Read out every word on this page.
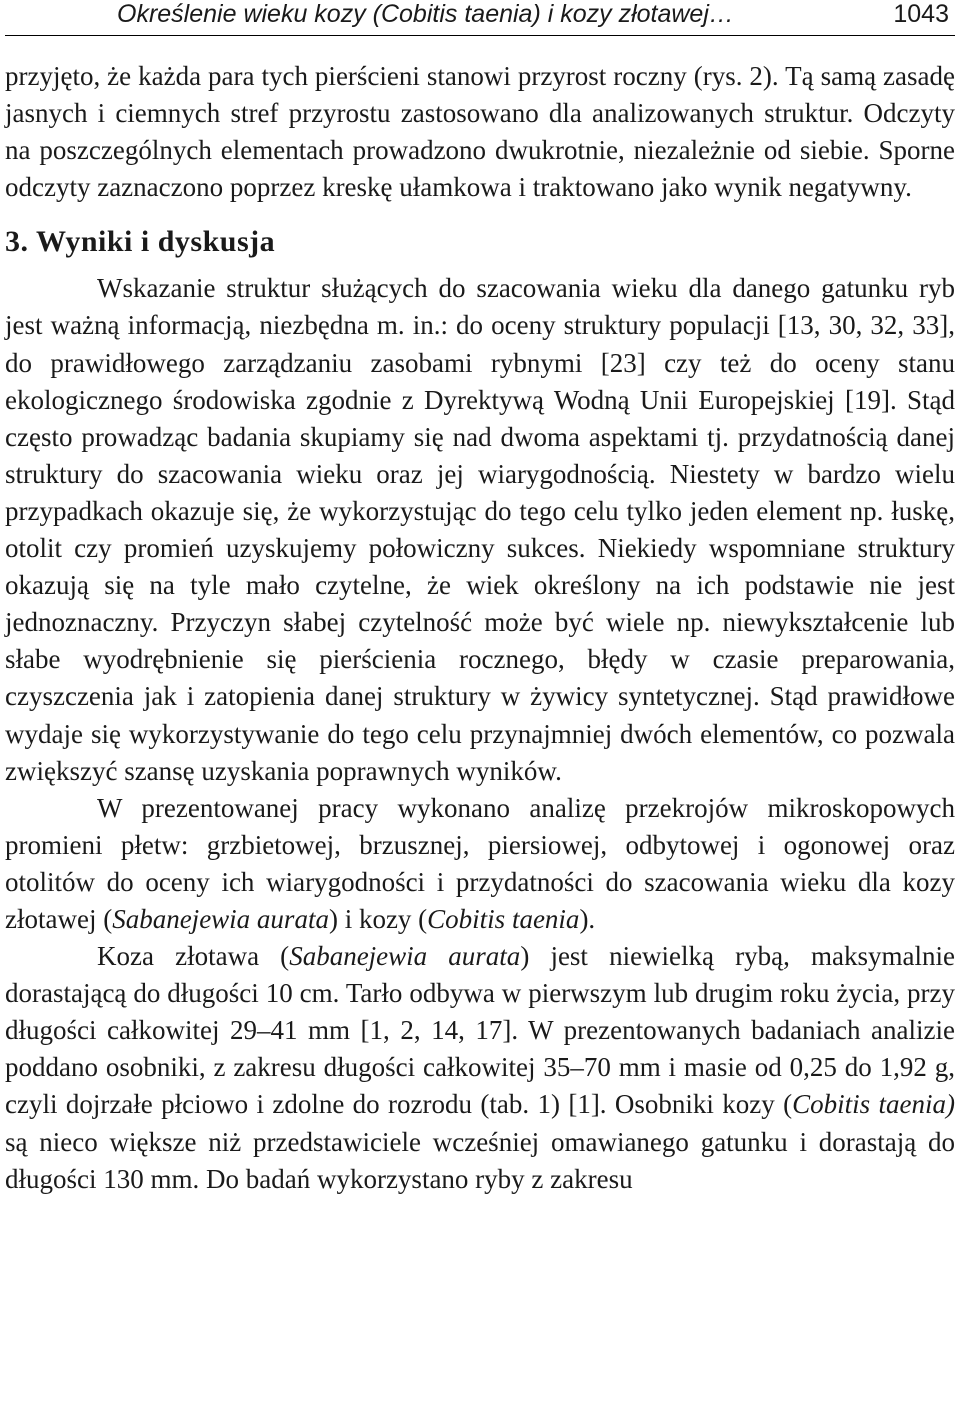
Określenie wieku kozy (Cobitis taenia) i kozy złotawej…	1043

przyjęto, że każda para tych pierścieni stanowi przyrost roczny (rys. 2). Tą samą zasadę jasnych i ciemnych stref przyrostu zastosowano dla analizowanych struktur. Odczyty na poszczególnych elementach prowadzono dwukrotnie, niezależnie od siebie. Sporne odczyty zaznaczono poprzez kreskę ułamkowa i traktowano jako wynik negatywny.

3. Wyniki i dyskusja

Wskazanie struktur służących do szacowania wieku dla danego gatunku ryb jest ważną informacją, niezbędna m. in.: do oceny struktury populacji [13, 30, 32, 33], do prawidłowego zarządzaniu zasobami rybnymi [23] czy też do oceny stanu ekologicznego środowiska zgodnie z Dyrektywą Wodną Unii Europejskiej [19]. Stąd często prowadząc badania skupiamy się nad dwoma aspektami tj. przydatnością danej struktury do szacowania wieku oraz jej wiarygodnością. Niestety w bardzo wielu przypadkach okazuje się, że wykorzystując do tego celu tylko jeden element np. łuskę, otolit czy promień uzyskujemy połowiczny sukces. Niekiedy wspomniane struktury okazują się na tyle mało czytelne, że wiek określony na ich podstawie nie jest jednoznaczny. Przyczyn słabej czytelność może być wiele np. niewykształcenie lub słabe wyodrębnienie się pierścienia rocznego, błędy w czasie preparowania, czyszczenia jak i zatopienia danej struktury w żywicy syntetycznej. Stąd prawidłowe wydaje się wykorzystywanie do tego celu przynajmniej dwóch elementów, co pozwala zwiększyć szansę uzyskania poprawnych wyników.

W prezentowanej pracy wykonano analizę przekrojów mikroskopowych promieni płetw: grzbietowej, brzusznej, piersiowej, odbytowej i ogonowej oraz otolitów do oceny ich wiarygodności i przydatności do szacowania wieku dla kozy złotawej (Sabanejewia aurata) i kozy (Cobitis taenia).

Koza złotawa (Sabanejewia aurata) jest niewielką rybą, maksymalnie dorastającą do długości 10 cm. Tarło odbywa w pierwszym lub drugim roku życia, przy długości całkowitej 29–41 mm [1, 2, 14, 17]. W prezentowanych badaniach analizie poddano osobniki, z zakresu długości całkowitej 35–70 mm i masie od 0,25 do 1,92 g, czyli dojrzałe płciowo i zdolne do rozrodu (tab. 1) [1]. Osobniki kozy (Cobitis taenia) są nieco większe niż przedstawiciele wcześniej omawianego gatunku i dorastają do długości 130 mm. Do badań wykorzystano ryby z zakresu
